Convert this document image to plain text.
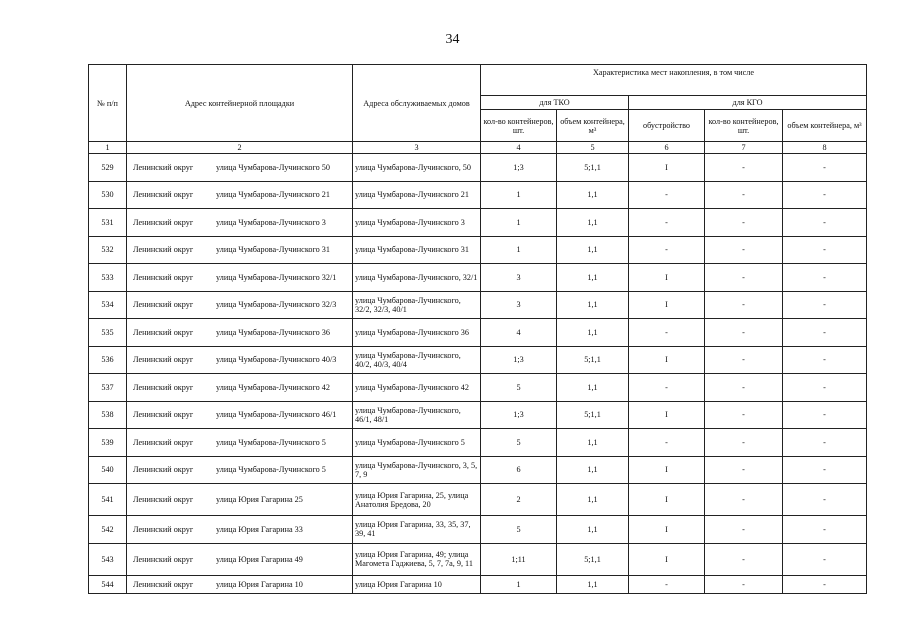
34
№ п/п	Адрес контейнерной площадки	Адреса обслуживаемых домов	Характеристика мест накопления, в том числе				
			для ТКО		для КГО		
			кол-во контейнеров, шт.	объем контейнера, м³	обустройство	кол-во контейнеров, шт.	объем контейнера, м³
1	2	3	4	5	6	7	8
529	Ленинский округ улица Чумбарова-Лучинского 50	улица Чумбарова-Лучинского, 50	1;3	5;1,1	I	-	-
530	Ленинский округ улица Чумбарова-Лучинского 21	улица Чумбарова-Лучинского 21	1	1,1	-	-	-
531	Ленинский округ улица Чумбарова-Лучинского 3	улица Чумбарова-Лучинского 3	1	1,1	-	-	-
532	Ленинский округ улица Чумбарова-Лучинского 31	улица Чумбарова-Лучинского 31	1	1,1	-	-	-
533	Ленинский округ улица Чумбарова-Лучинского 32/1	улица Чумбарова-Лучинского, 32/1	3	1,1	I	-	-
534	Ленинский округ улица Чумбарова-Лучинского 32/3	улица Чумбарова-Лучинского, 32/2, 32/3, 40/1	3	1,1	I	-	-
535	Ленинский округ улица Чумбарова-Лучинского 36	улица Чумбарова-Лучинского 36	4	1,1	-	-	-
536	Ленинский округ улица Чумбарова-Лучинского 40/3	улица Чумбарова-Лучинского, 40/2, 40/3, 40/4	1;3	5;1,1	I	-	-
537	Ленинский округ улица Чумбарова-Лучинского 42	улица Чумбарова-Лучинского 42	5	1,1	-	-	-
538	Ленинский округ улица Чумбарова-Лучинского 46/1	улица Чумбарова-Лучинского, 46/1, 48/1	1;3	5;1,1	I	-	-
539	Ленинский округ улица Чумбарова-Лучинского 5	улица Чумбарова-Лучинского 5	5	1,1	-	-	-
540	Ленинский округ улица Чумбарова-Лучинского 5	улица Чумбарова-Лучинского, 3, 5, 7, 9	6	1,1	I	-	-
541	Ленинский округ улица Юрия Гагарина 25	улица Юрия Гагарина, 25, улица Анатолия Бредова, 20	2	1,1	I	-	-
542	Ленинский округ улица Юрия Гагарина 33	улица Юрия Гагарина, 33, 35, 37, 39, 41	5	1,1	I	-	-
543	Ленинский округ улица Юрия Гагарина 49	улица Юрия Гагарина, 49; улица Магомета Гаджиева, 5, 7, 7а, 9, 11	1;11	5;1,1	I	-	-
544	Ленинский округ улица Юрия Гагарина 10	улица Юрия Гагарина 10	1	1,1	-	-	-
